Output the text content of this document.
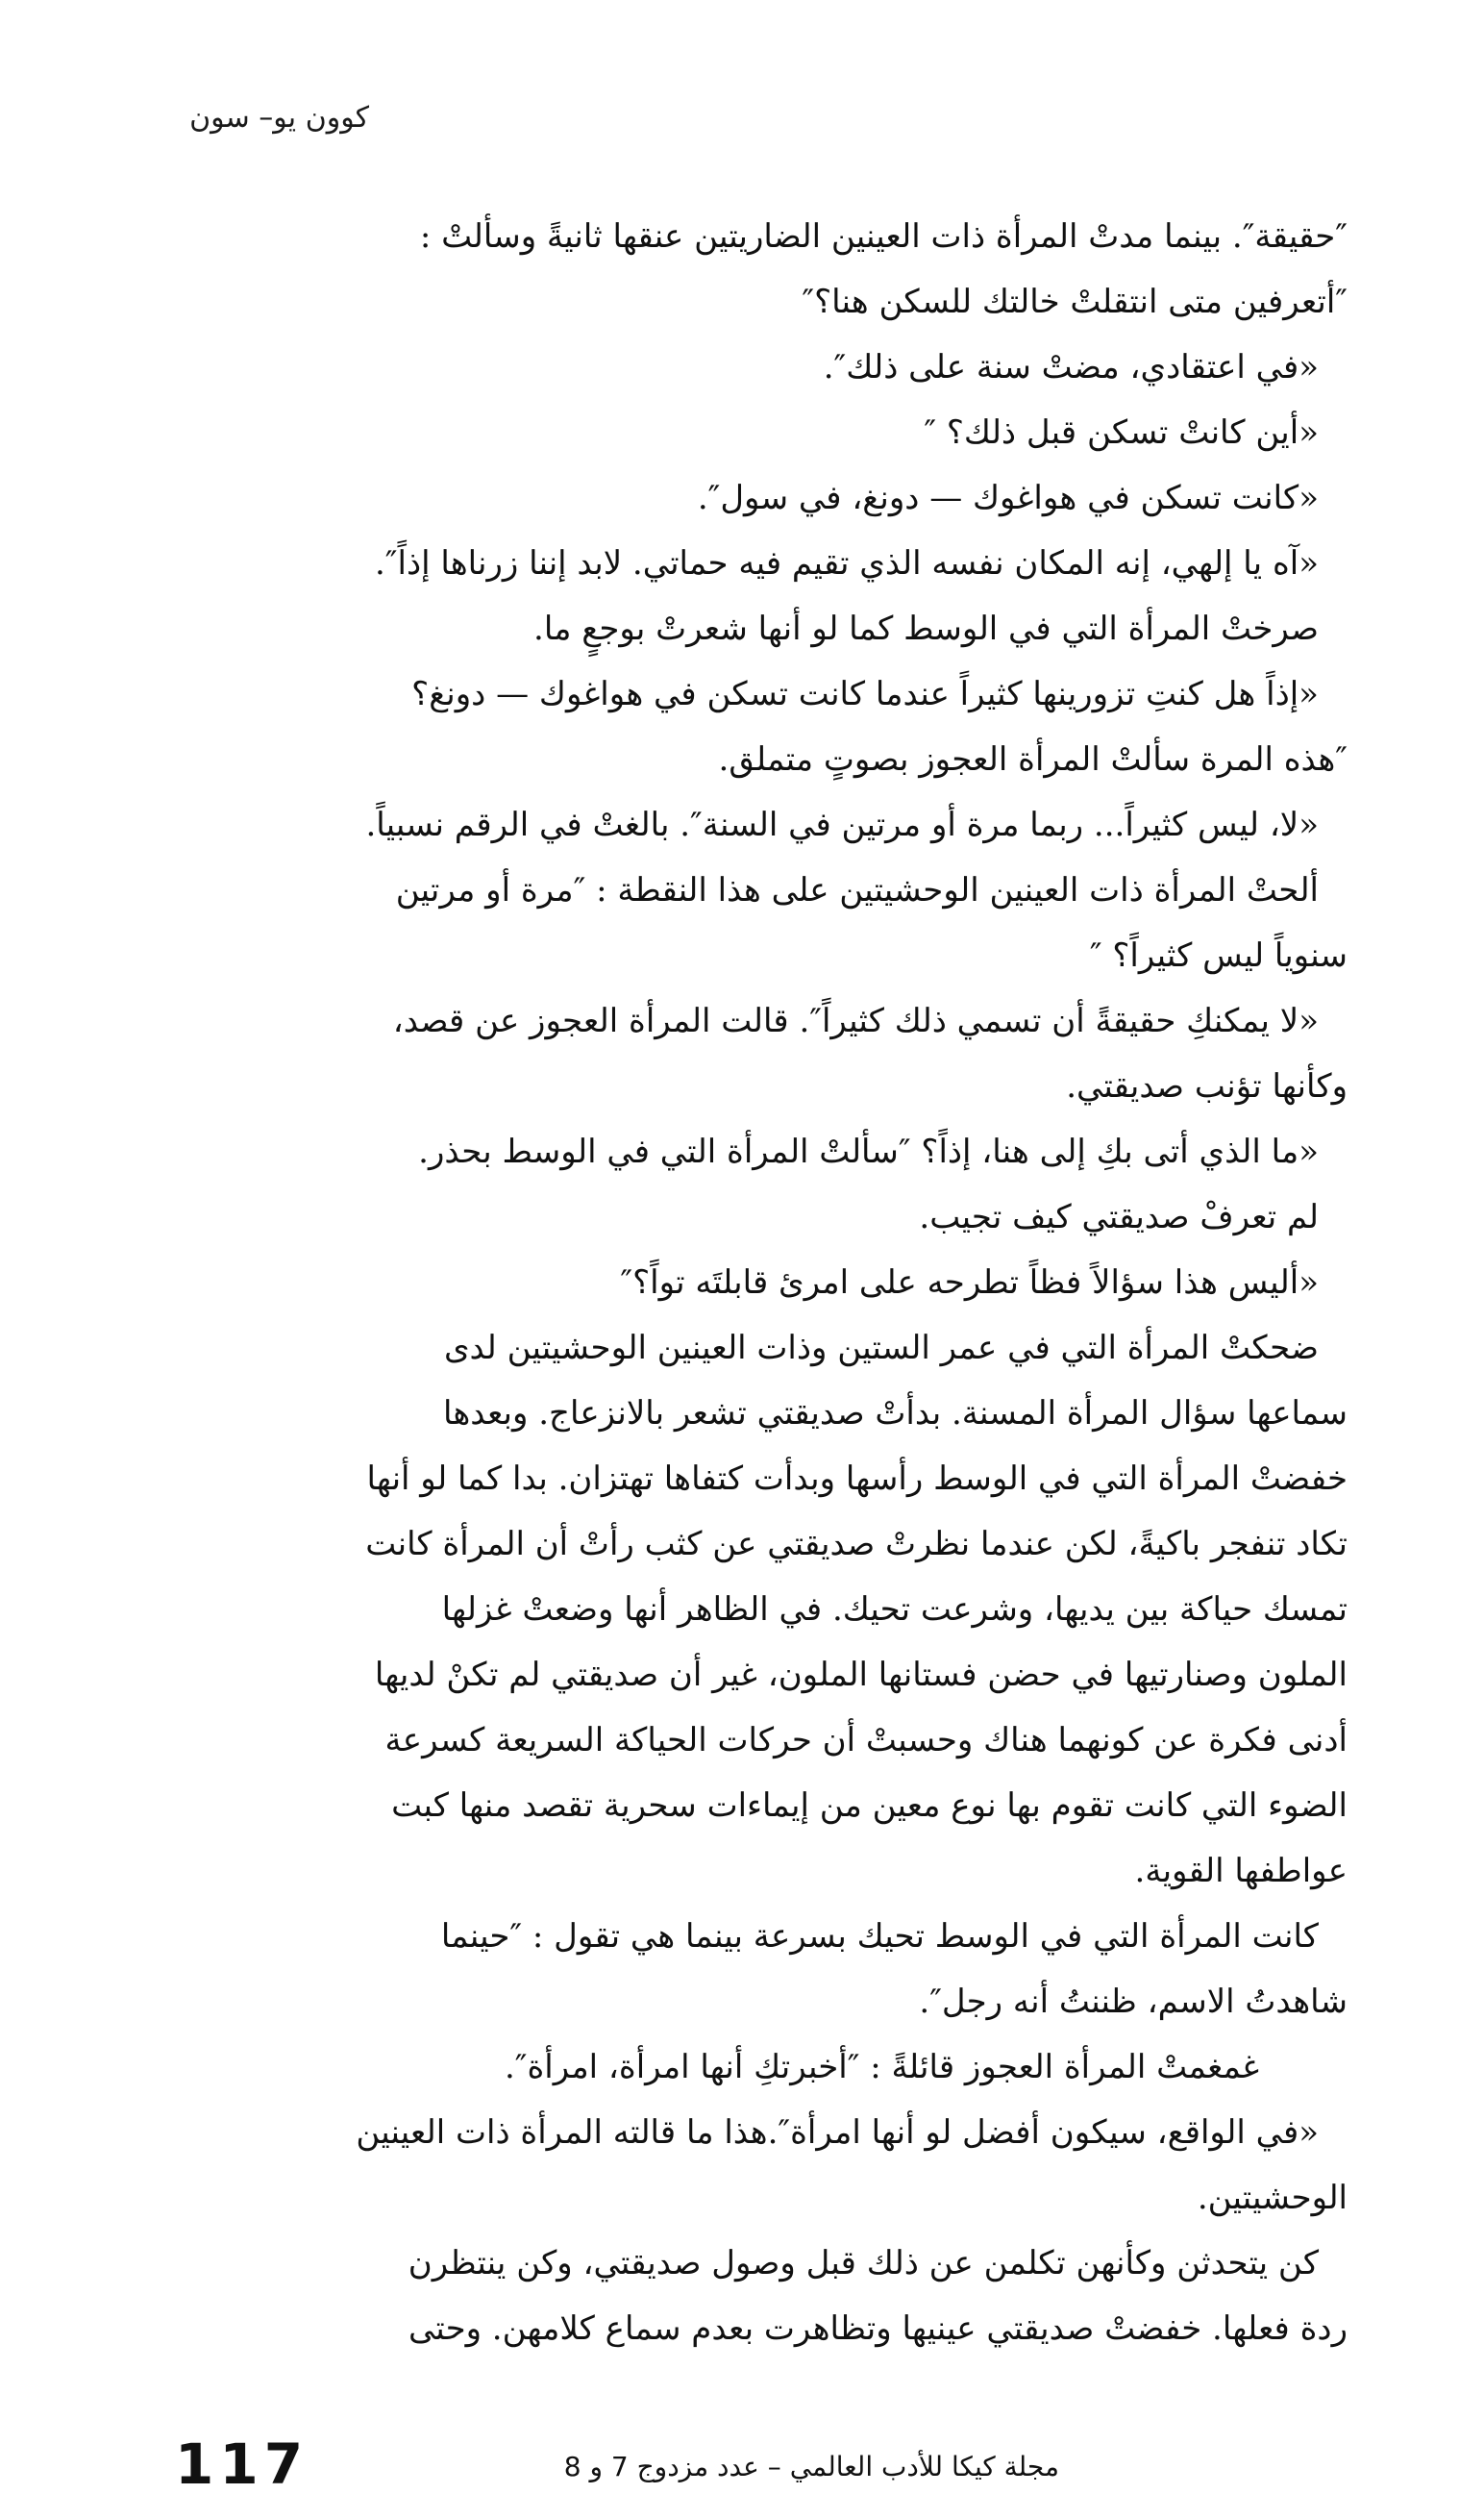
كوون يو– سون
″حقيقة″. بينما مدتْ المرأة ذات العينين الضاريتين عنقها ثانيةً وسألتْ :
″أتعرفين متى انتقلتْ خالتك للسكن هنا؟″
«في اعتقادي، مضتْ سنة على ذلك″.
«أين كانتْ تسكن قبل ذلك؟ ″
«كانت تسكن في هواغوك — دونغ، في سول″.
«آه يا إلهي، إنه المكان نفسه الذي تقيم فيه حماتي. لابد إننا زرناها إذاً″.
صرختْ المرأة التي في الوسط كما لو أنها شعرتْ بوجعٍ ما.
«إذاً هل كنتِ تزورينها كثيراً عندما كانت تسكن في هواغوك — دونغ؟
″هذه المرة سألتْ المرأة العجوز بصوتٍ متملق.
«لا، ليس كثيراً... ربما مرة أو مرتين في السنة″. بالغتْ في الرقم نسبياً.
ألحتْ المرأة ذات العينين الوحشيتين على هذا النقطة : ″مرة أو مرتين
سنوياً ليس كثيراً؟ ″
«لا يمكنكِ حقيقةً أن تسمي ذلك كثيراً″. قالت المرأة العجوز عن قصد،
وكأنها تؤنب صديقتي.
«ما الذي أتى بكِ إلى هنا، إذاً؟ ″سألتْ المرأة التي في الوسط بحذر.
لم تعرفْ صديقتي كيف تجيب.
«أليس هذا سؤالاً فظاً تطرحه على امرئ قابلتَه تواً؟″
ضحكتْ المرأة التي في عمر الستين وذات العينين الوحشيتين لدى
سماعها سؤال المرأة المسنة. بدأتْ صديقتي تشعر بالانزعاج. وبعدها
خفضتْ المرأة التي في الوسط رأسها وبدأت كتفاها تهتزان. بدا كما لو أنها
تكاد تنفجر باكيةً، لكن عندما نظرتْ صديقتي عن كثب رأتْ أن المرأة كانت
تمسك حياكة بين يديها، وشرعت تحيك. في الظاهر أنها وضعتْ غزلها
الملون وصنارتيها في حضن فستانها الملون، غير أن صديقتي لم تكنْ لديها
أدنى فكرة عن كونهما هناك وحسبتْ أن حركات الحياكة السريعة كسرعة
الضوء التي كانت تقوم بها نوع معين من إيماءات سحرية تقصد منها كبت
عواطفها القوية.
كانت المرأة التي في الوسط تحيك بسرعة بينما هي تقول : ″حينما
شاهدتُ الاسم، ظننتُ أنه رجل″.
غمغمتْ المرأة العجوز قائلةً : ″أخبرتكِ أنها امرأة، امرأة″.
«في الواقع، سيكون أفضل لو أنها امرأة″.هذا ما قالته المرأة ذات العينين
الوحشيتين.
كن يتحدثن وكأنهن تكلمن عن ذلك قبل وصول صديقتي، وكن ينتظرن
ردة فعلها. خفضتْ صديقتي عينيها وتظاهرت بعدم سماع كلامهن. وحتى
مجلة كيكا للأدب العالمي – عدد مزدوج 7 و 8
117
